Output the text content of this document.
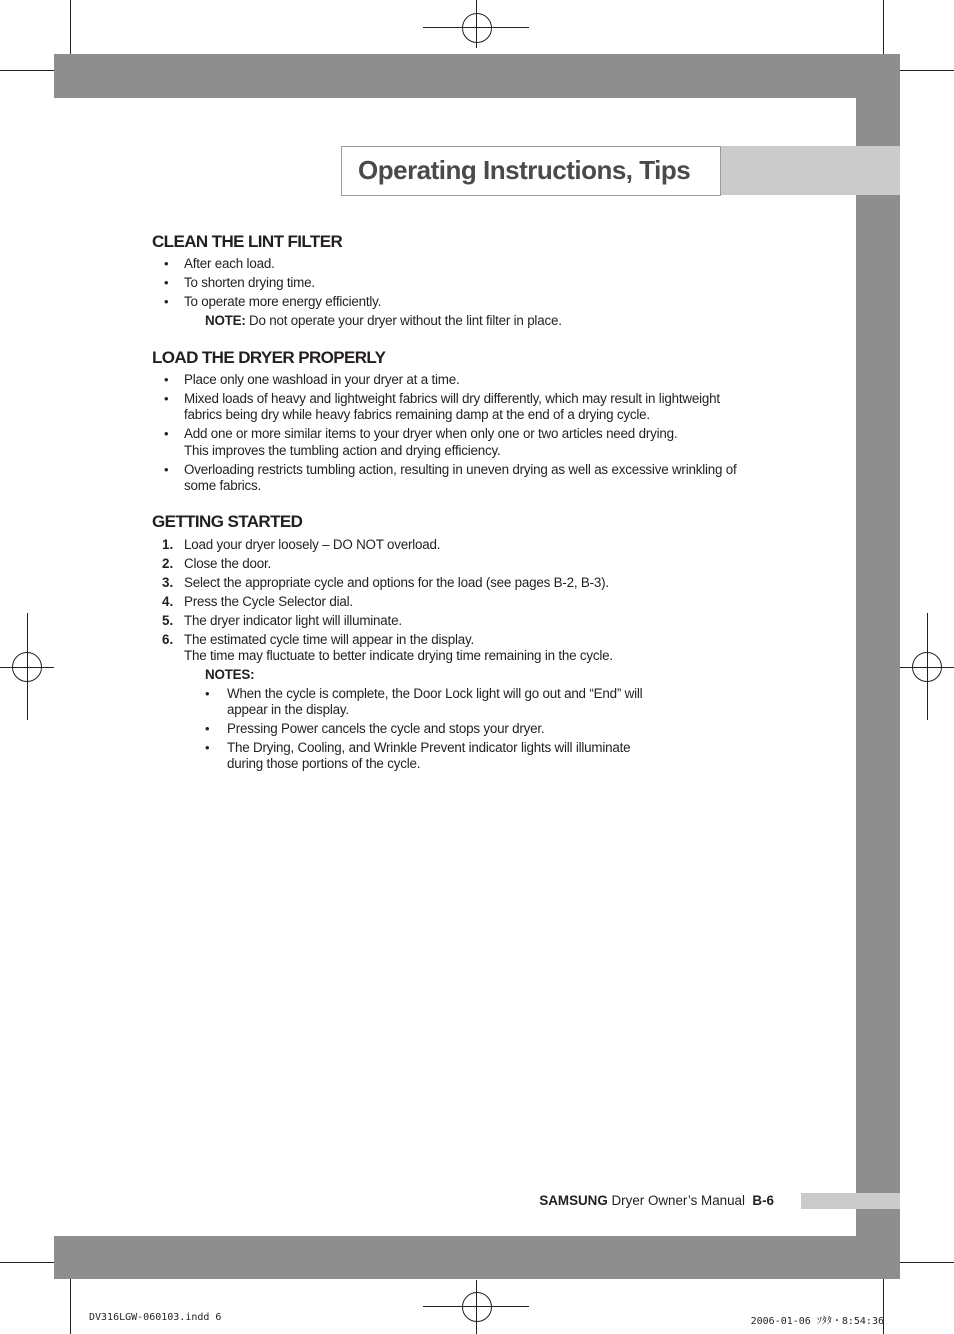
Operating Instructions, Tips
CLEAN THE LINT FILTER
• After each load.
• To shorten drying time.
• To operate more energy efficiently.
NOTE: Do not operate your dryer without the lint filter in place.
LOAD THE DRYER PROPERLY
• Place only one washload in your dryer at a time.
• Mixed loads of heavy and lightweight fabrics will dry differently, which may result in lightweight
fabrics being dry while heavy fabrics remaining damp at the end of a drying cycle.
• Add one or more similar items to your dryer when only one or two articles need drying.
This improves the tumbling action and drying efficiency.
• Overloading restricts tumbling action, resulting in uneven drying as well as excessive wrinkling of
some fabrics.
GETTING STARTED
1. Load your dryer loosely – DO NOT overload.
2. Close the door.
3. Select the appropriate cycle and options for the load (see pages B-2, B-3).
4. Press the Cycle Selector dial.
5. The dryer indicator light will illuminate.
6. The estimated cycle time will appear in the display.
The time may fluctuate to better indicate drying time remaining in the cycle.
NOTES:
• When the cycle is complete, the Door Lock light will go out and “End” will
appear in the display.
• Pressing Power cancels the cycle and stops your dryer.
• The Drying, Cooling, and Wrinkle Prevent indicator lights will illuminate
during those portions of the cycle.
SAMSUNG Dryer Owner’s Manual B-6
DV316LGW-060103.indd 6	2006-01-06 ｿﾀﾀ・8:54:36
